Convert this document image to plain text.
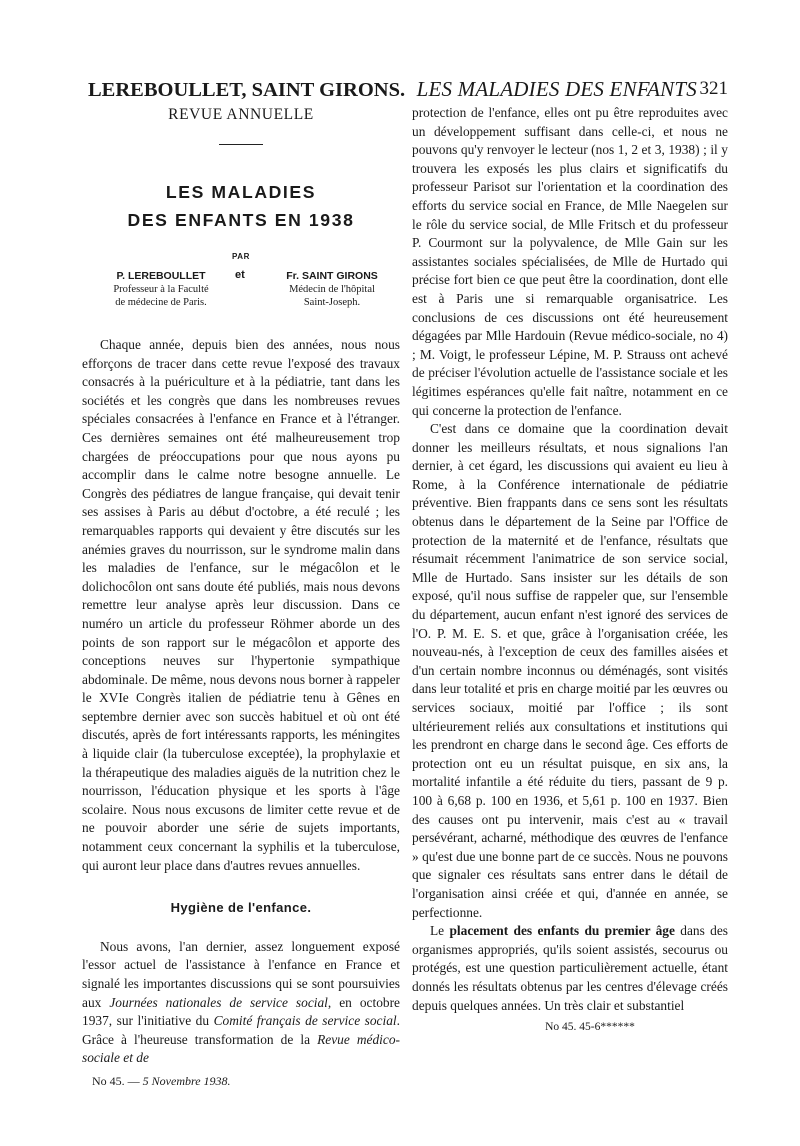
LEREBOULLET, SAINT GIRONS. LES MALADIES DES ENFANTS 321
REVUE ANNUELLE
LES MALADIES
DES ENFANTS EN 1938
PAR
P. LEREBOULLET
Professeur à la Faculté
de médecine de Paris.
et	Fr. SAINT GIRONS
Médecin de l'hôpital
Saint-Joseph.

Chaque année, depuis bien des années, nous nous efforçons de tracer dans cette revue l'exposé des travaux consacrés à la puériculture et à la pédiatrie, tant dans les sociétés et les congrès que dans les nombreuses revues spéciales consacrées à l'enfance en France et à l'étranger. Ces dernières semaines ont été malheureusement trop chargées de préoccupations pour que nous ayons pu accomplir dans le calme notre besogne annuelle. Le Congrès des pédiatres de langue française, qui devait tenir ses assises à Paris au début d'octobre, a été reculé ; les remarquables rapports qui devaient y être discutés sur les anémies graves du nourrisson, sur le syndrome malin dans les maladies de l'enfance, sur le mégacôlon et le dolichocôlon ont sans doute été publiés, mais nous devons remettre leur analyse après leur discussion. Dans ce numéro un article du professeur Röhmer aborde un des points de son rapport sur le mégacôlon et apporte des conceptions neuves sur l'hypertonie sympathique abdominale. De même, nous devons nous borner à rappeler le XVIe Congrès italien de pédiatrie tenu à Gênes en septembre dernier avec son succès habituel et où ont été discutés, après de fort intéressants rapports, les méningites à liquide clair (la tuberculose exceptée), la prophylaxie et la thérapeutique des maladies aiguës de la nutrition chez le nourrisson, l'éducation physique et les sports à l'âge scolaire. Nous nous excusons de limiter cette revue et de ne pouvoir aborder une série de sujets importants, notamment ceux concernant la syphilis et la tuberculose, qui auront leur place dans d'autres revues annuelles.

Hygiène de l'enfance.

Nous avons, l'an dernier, assez longuement exposé l'essor actuel de l'assistance à l'enfance en France et signalé les importantes discussions qui se sont poursuivies aux Journées nationales de service social, en octobre 1937, sur l'initiative du Comité français de service social. Grâce à l'heureuse transformation de la Revue médico-sociale et de

No 45. — 5 Novembre 1938.

protection de l'enfance, elles ont pu être reproduites avec un développement suffisant dans celle-ci, et nous ne pouvons qu'y renvoyer le lecteur (nos 1, 2 et 3, 1938) ; il y trouvera les exposés les plus clairs et significatifs du professeur Parisot sur l'orientation et la coordination des efforts du service social en France, de Mlle Naegelen sur le rôle du service social, de Mlle Fritsch et du professeur P. Courmont sur la polyvalence, de Mlle Gain sur les assistantes sociales spécialisées, de Mlle de Hurtado qui précise fort bien ce que peut être la coordination, dont elle est à Paris une si remarquable organisatrice. Les conclusions de ces discussions ont été heureusement dégagées par Mlle Hardouin (Revue médico-sociale, no 4) ; M. Voigt, le professeur Lépine, M. P. Strauss ont achevé de préciser l'évolution actuelle de l'assistance sociale et les légitimes espérances qu'elle fait naître, notamment en ce qui concerne la protection de l'enfance.

C'est dans ce domaine que la coordination devait donner les meilleurs résultats, et nous signalions l'an dernier, à cet égard, les discussions qui avaient eu lieu à Rome, à la Conférence internationale de pédiatrie préventive. Bien frappants dans ce sens sont les résultats obtenus dans le département de la Seine par l'Office de protection de la maternité et de l'enfance, résultats que résumait récemment l'animatrice de son service social, Mlle de Hurtado. Sans insister sur les détails de son exposé, qu'il nous suffise de rappeler que, sur l'ensemble du département, aucun enfant n'est ignoré des services de l'O. P. M. E. S. et que, grâce à l'organisation créée, les nouveau-nés, à l'exception de ceux des familles aisées et d'un certain nombre inconnus ou déménagés, sont visités dans leur totalité et pris en charge moitié par les œuvres ou services sociaux, moitié par l'office ; ils sont ultérieurement reliés aux consultations et institutions qui les prendront en charge dans le second âge. Ces efforts de protection ont eu un résultat puisque, en six ans, la mortalité infantile a été réduite du tiers, passant de 9 p. 100 à 6,68 p. 100 en 1936, et 5,61 p. 100 en 1937. Bien des causes ont pu intervenir, mais c'est au « travail persévérant, acharné, méthodique des œuvres de l'enfance » qu'est due une bonne part de ce succès. Nous ne pouvons que signaler ces résultats sans entrer dans le détail de l'organisation ainsi créée et qui, d'année en année, se perfectionne.

Le placement des enfants du premier âge dans des organismes appropriés, qu'ils soient assistés, secourus ou protégés, est une question particulièrement actuelle, étant donnés les résultats obtenus par les centres d'élevage créés depuis quelques années. Un très clair et substantiel

No 45. 45-6******
